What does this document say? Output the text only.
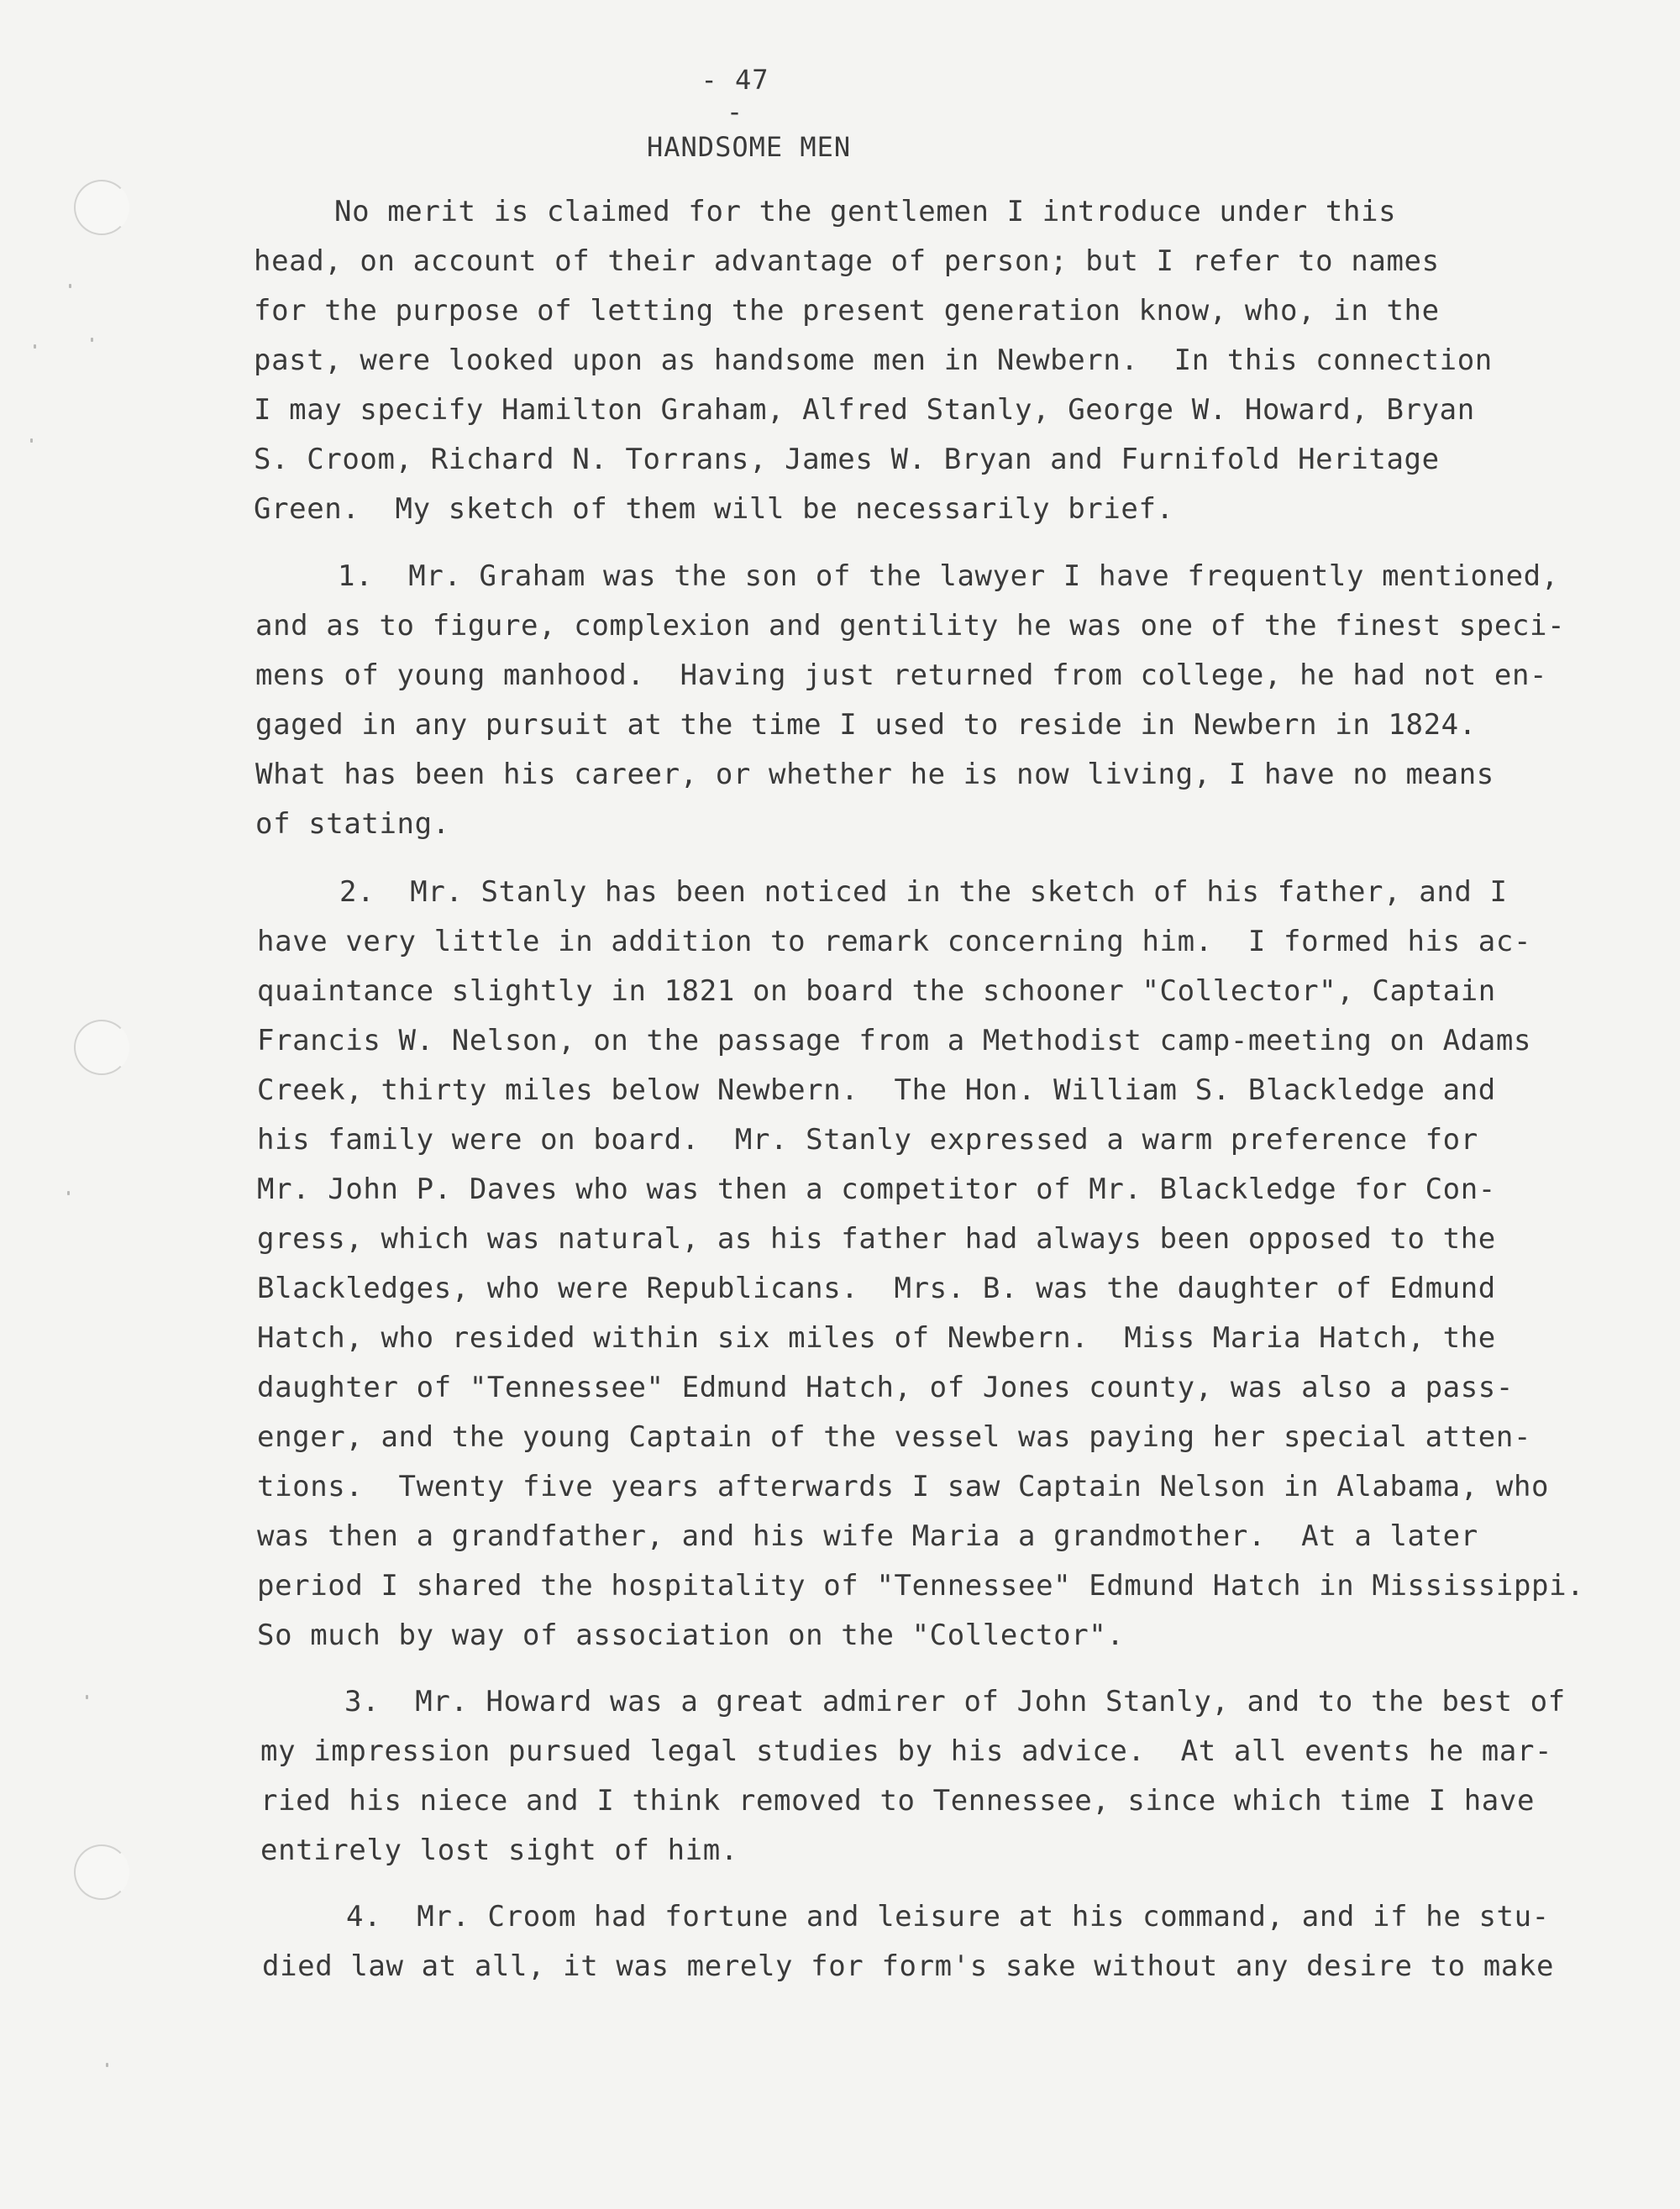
- 47 -
HANDSOME MEN
No merit is claimed for the gentlemen I introduce under this
head, on account of their advantage of person; but I refer to names
for the purpose of letting the present generation know, who, in the
past, were looked upon as handsome men in Newbern.  In this connection
I may specify Hamilton Graham, Alfred Stanly, George W. Howard, Bryan
S. Croom, Richard N. Torrans, James W. Bryan and Furnifold Heritage
Green.  My sketch of them will be necessarily brief.
1.  Mr. Graham was the son of the lawyer I have frequently mentioned,
and as to figure, complexion and gentility he was one of the finest speci-
mens of young manhood.  Having just returned from college, he had not en-
gaged in any pursuit at the time I used to reside in Newbern in 1824.
What has been his career, or whether he is now living, I have no means
of stating.
2.  Mr. Stanly has been noticed in the sketch of his father, and I
have very little in addition to remark concerning him.  I formed his ac-
quaintance slightly in 1821 on board the schooner "Collector", Captain
Francis W. Nelson, on the passage from a Methodist camp-meeting on Adams
Creek, thirty miles below Newbern.  The Hon. William S. Blackledge and
his family were on board.  Mr. Stanly expressed a warm preference for
Mr. John P. Daves who was then a competitor of Mr. Blackledge for Con-
gress, which was natural, as his father had always been opposed to the
Blackledges, who were Republicans.  Mrs. B. was the daughter of Edmund
Hatch, who resided within six miles of Newbern.  Miss Maria Hatch, the
daughter of "Tennessee" Edmund Hatch, of Jones county, was also a pass-
enger, and the young Captain of the vessel was paying her special atten-
tions.  Twenty five years afterwards I saw Captain Nelson in Alabama, who
was then a grandfather, and his wife Maria a grandmother.  At a later
period I shared the hospitality of "Tennessee" Edmund Hatch in Mississippi.
So much by way of association on the "Collector".
3.  Mr. Howard was a great admirer of John Stanly, and to the best of
my impression pursued legal studies by his advice.  At all events he mar-
ried his niece and I think removed to Tennessee, since which time I have
entirely lost sight of him.
4.  Mr. Croom had fortune and leisure at his command, and if he stu-
died law at all, it was merely for form's sake without any desire to make
